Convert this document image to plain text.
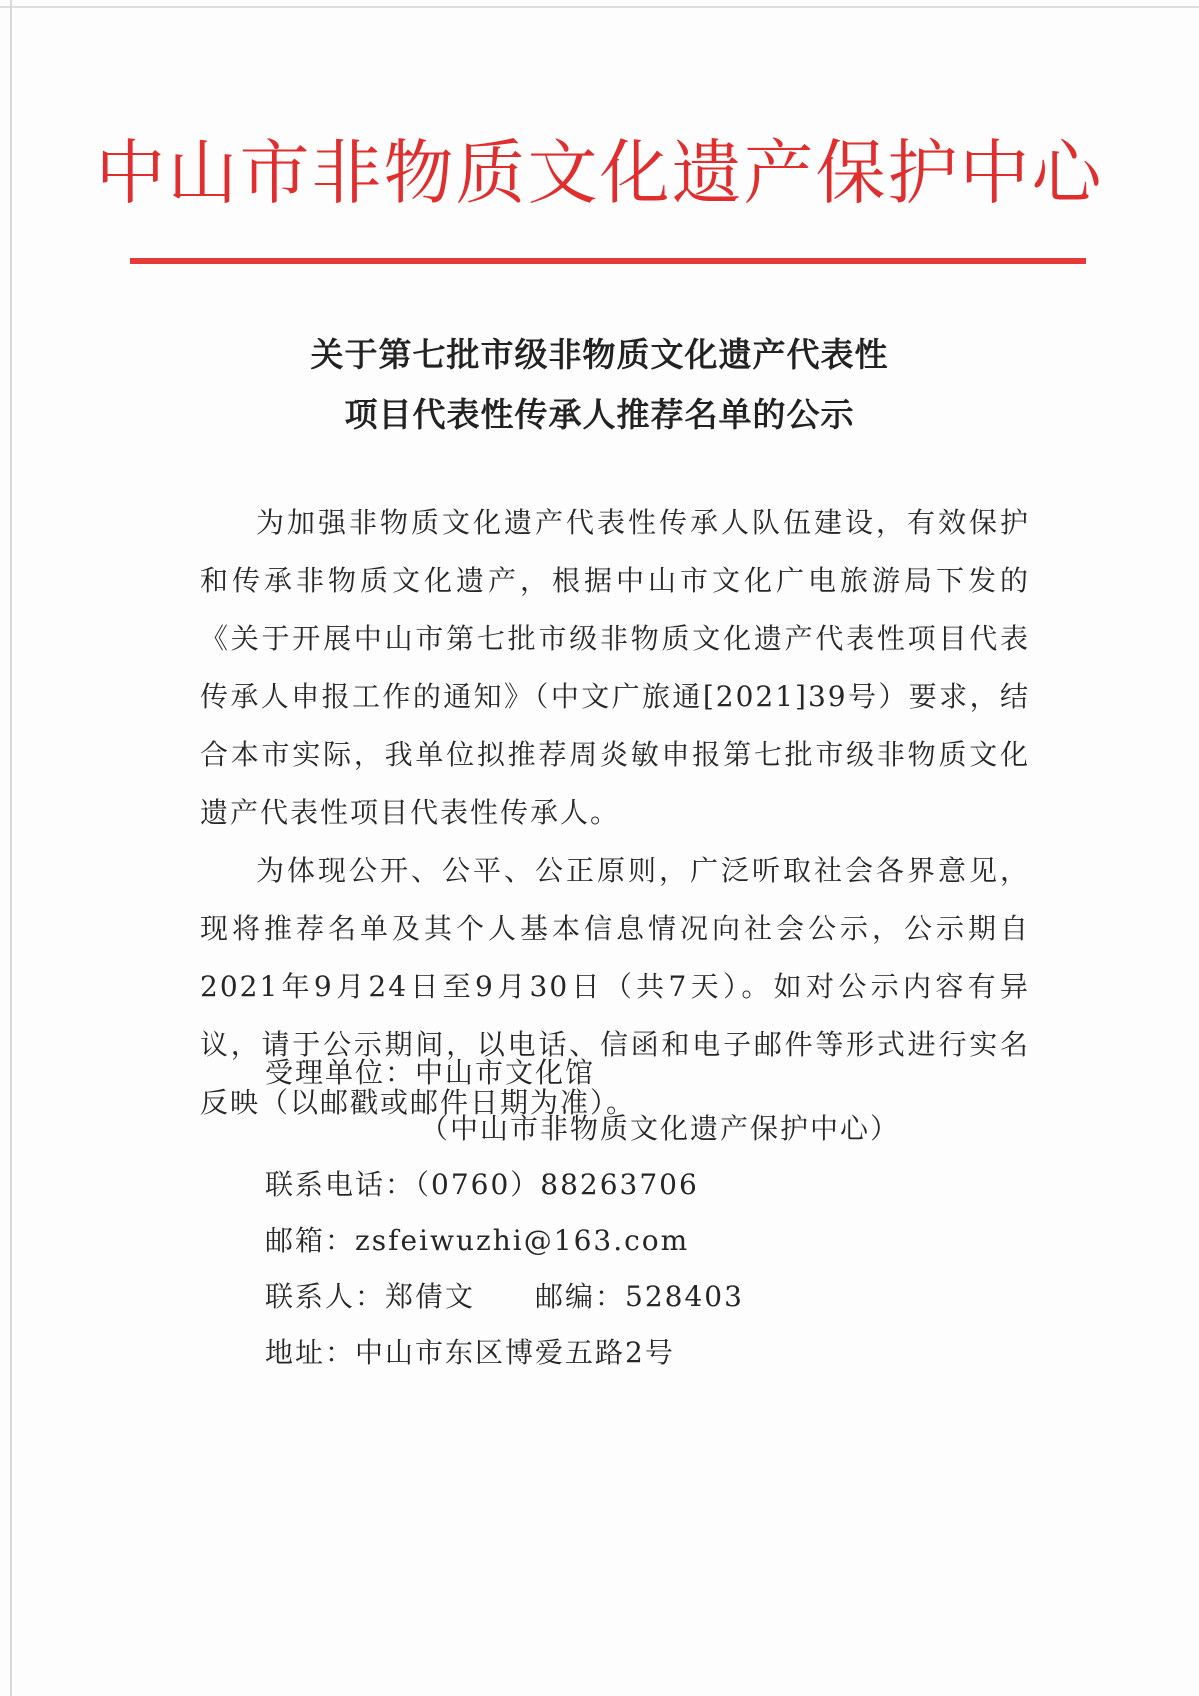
中山市非物质文化遗产保护中心
关于第七批市级非物质文化遗产代表性
项目代表性传承人推荐名单的公示

为加强非物质文化遗产代表性传承人队伍建设，有效保护和传承非物质文化遗产，根据中山市文化广电旅游局下发的《关于开展中山市第七批市级非物质文化遗产代表性项目代表传承人申报工作的通知》（中文广旅通[2021]39号）要求，结合本市实际，我单位拟推荐周炎敏申报第七批市级非物质文化遗产代表性项目代表性传承人。

为体现公开、公平、公正原则，广泛听取社会各界意见，现将推荐名单及其个人基本信息情况向社会公示，公示期自2021年9月24日至9月30日（共7天）。如对公示内容有异议，请于公示期间，以电话、信函和电子邮件等形式进行实名反映（以邮戳或邮件日期为准）。

受理单位：中山市文化馆
（中山市非物质文化遗产保护中心）
联系电话：（0760）88263706
邮箱：zsfeiwuzhi@163.com
联系人：郑倩文　　邮编：528403
地址：中山市东区博爱五路2号
